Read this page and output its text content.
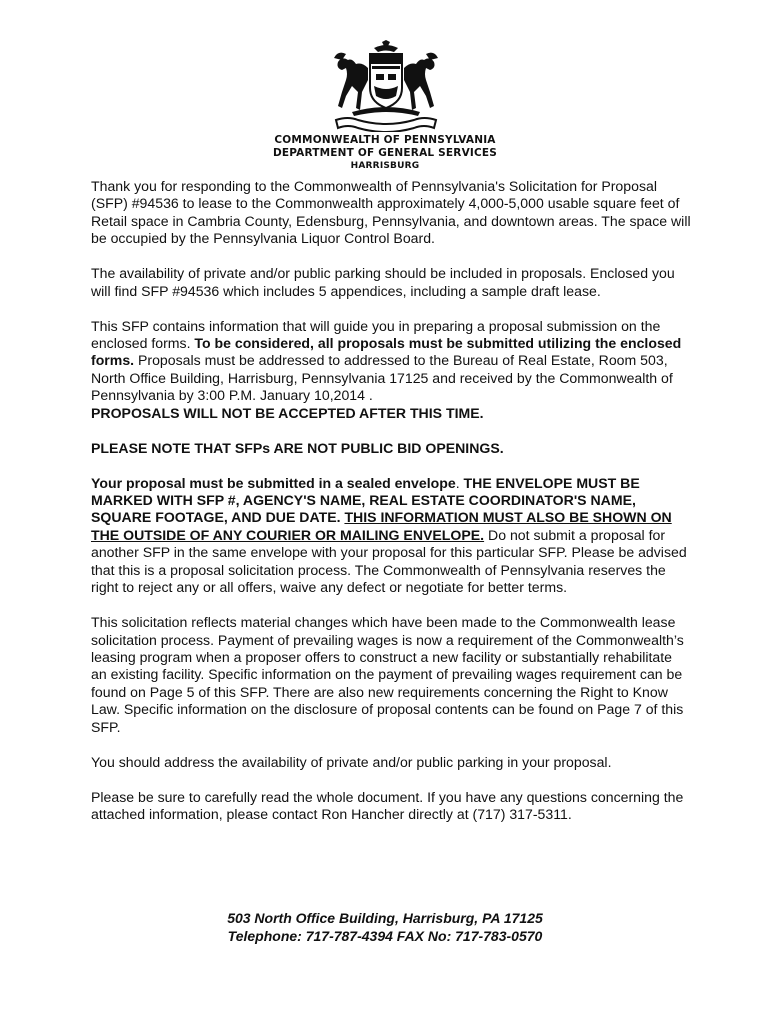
COMMONWEALTH OF PENNSYLVANIA
DEPARTMENT OF GENERAL SERVICES
HARRISBURG

Thank you for responding to the Commonwealth of Pennsylvania's Solicitation for Proposal (SFP) #94536 to lease to the Commonwealth approximately 4,000-5,000 usable square feet of Retail space in Cambria County, Edensburg, Pennsylvania, and downtown areas. The space will be occupied by the Pennsylvania Liquor Control Board.

The availability of private and/or public parking should be included in proposals. Enclosed you will find SFP #94536 which includes 5 appendices, including a sample draft lease.

This SFP contains information that will guide you in preparing a proposal submission on the enclosed forms. To be considered, all proposals must be submitted utilizing the enclosed forms. Proposals must be addressed to addressed to the Bureau of Real Estate, Room 503, North Office Building, Harrisburg, Pennsylvania 17125 and received by the Commonwealth of Pennsylvania by 3:00 P.M. January 10,2014 .
PROPOSALS WILL NOT BE ACCEPTED AFTER THIS TIME.

PLEASE NOTE THAT SFPs ARE NOT PUBLIC BID OPENINGS.

Your proposal must be submitted in a sealed envelope. THE ENVELOPE MUST BE MARKED WITH SFP #, AGENCY'S NAME, REAL ESTATE COORDINATOR'S NAME, SQUARE FOOTAGE, AND DUE DATE. THIS INFORMATION MUST ALSO BE SHOWN ON THE OUTSIDE OF ANY COURIER OR MAILING ENVELOPE. Do not submit a proposal for another SFP in the same envelope with your proposal for this particular SFP. Please be advised that this is a proposal solicitation process. The Commonwealth of Pennsylvania reserves the right to reject any or all offers, waive any defect or negotiate for better terms.

This solicitation reflects material changes which have been made to the Commonwealth lease solicitation process. Payment of prevailing wages is now a requirement of the Commonwealth’s leasing program when a proposer offers to construct a new facility or substantially rehabilitate an existing facility. Specific information on the payment of prevailing wages requirement can be found on Page 5 of this SFP. There are also new requirements concerning the Right to Know Law. Specific information on the disclosure of proposal contents can be found on Page 7 of this SFP.

You should address the availability of private and/or public parking in your proposal.

Please be sure to carefully read the whole document. If you have any questions concerning the attached information, please contact Ron Hancher directly at (717) 317-5311.

503 North Office Building, Harrisburg, PA 17125
Telephone: 717-787-4394 FAX No: 717-783-0570
